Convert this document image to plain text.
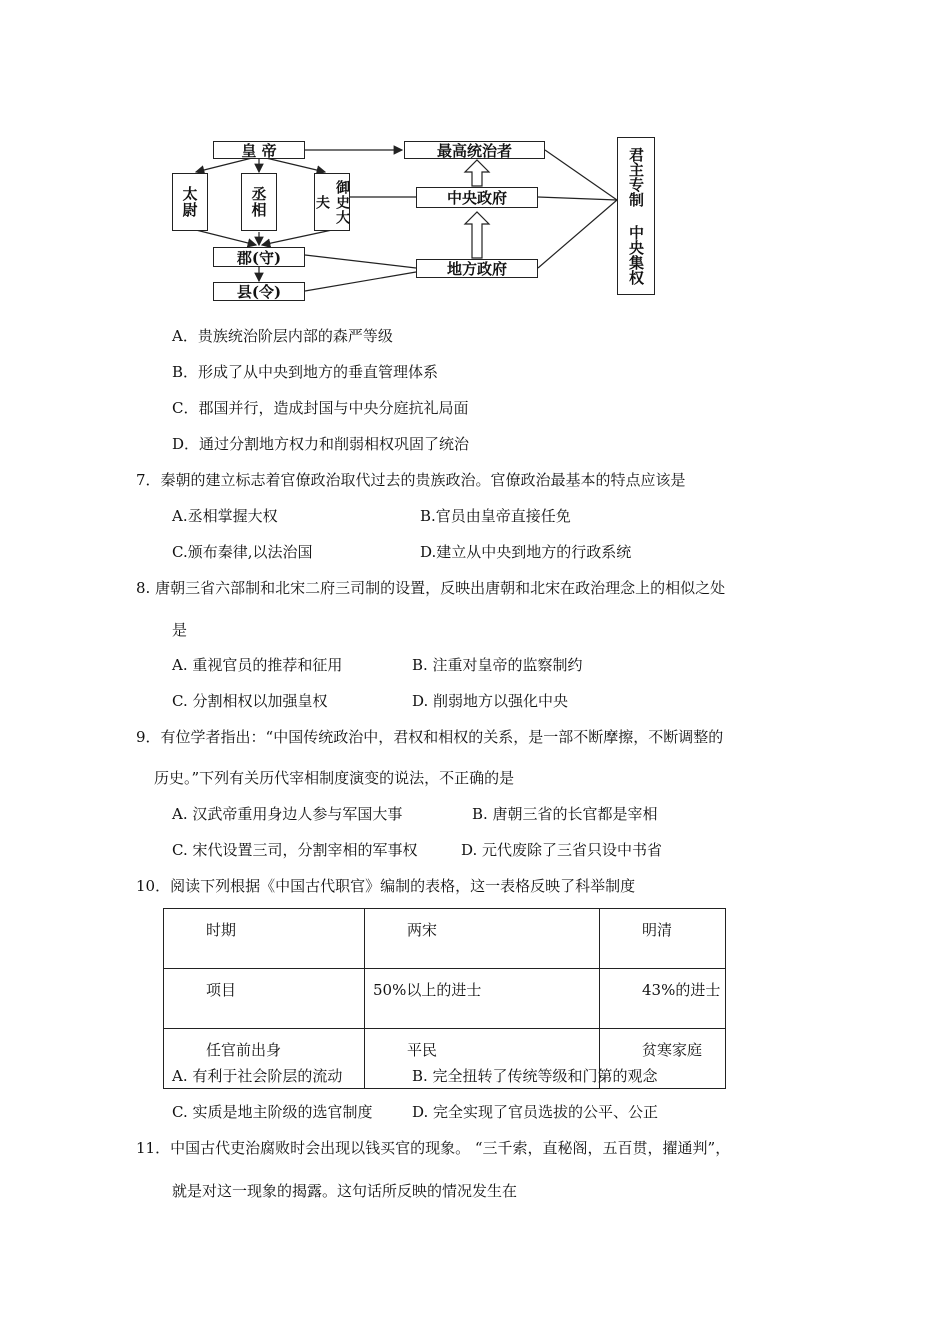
皇 帝
太尉	丞相	御史大夫
郡(守)
县(令)
最高统治者
中央政府
地方政府	君主专制 中央集权
A．贵族统治阶层内部的森严等级
B．形成了从中央到地方的垂直管理体系
C．郡国并行，造成封国与中央分庭抗礼局面
D．通过分割地方权力和削弱相权巩固了统治
7．秦朝的建立标志着官僚政治取代过去的贵族政治。官僚政治最基本的特点应该是
A.丞相掌握大权	B.官员由皇帝直接任免
C.颁布秦律,以法治国	D.建立从中央到地方的行政系统
8. 唐朝三省六部制和北宋二府三司制的设置，反映出唐朝和北宋在政治理念上的相似之处
是
A. 重视官员的推荐和征用	B. 注重对皇帝的监察制约
C. 分割相权以加强皇权	D. 削弱地方以强化中央
9．有位学者指出：“中国传统政治中，君权和相权的关系，是一部不断摩擦，不断调整的
历史。”下列有关历代宰相制度演变的说法，不正确的是
A. 汉武帝重用身边人参与军国大事	B. 唐朝三省的长官都是宰相
C. 宋代设置三司，分割宰相的军事权	D. 元代废除了三省只设中书省
10．阅读下列根据《中国古代职官》编制的表格，这一表格反映了科举制度
时期	两宋	明清
项目	50%以上的进士	43%的进士
任官前出身	平民	贫寒家庭
A. 有利于社会阶层的流动	B. 完全扭转了传统等级和门第的观念
C. 实质是地主阶级的选官制度	D. 完全实现了官员选拔的公平、公正
11．中国古代吏治腐败时会出现以钱买官的现象。 “三千索，直秘阁，五百贯，擢通判”，
就是对这一现象的揭露。这句话所反映的情况发生在
